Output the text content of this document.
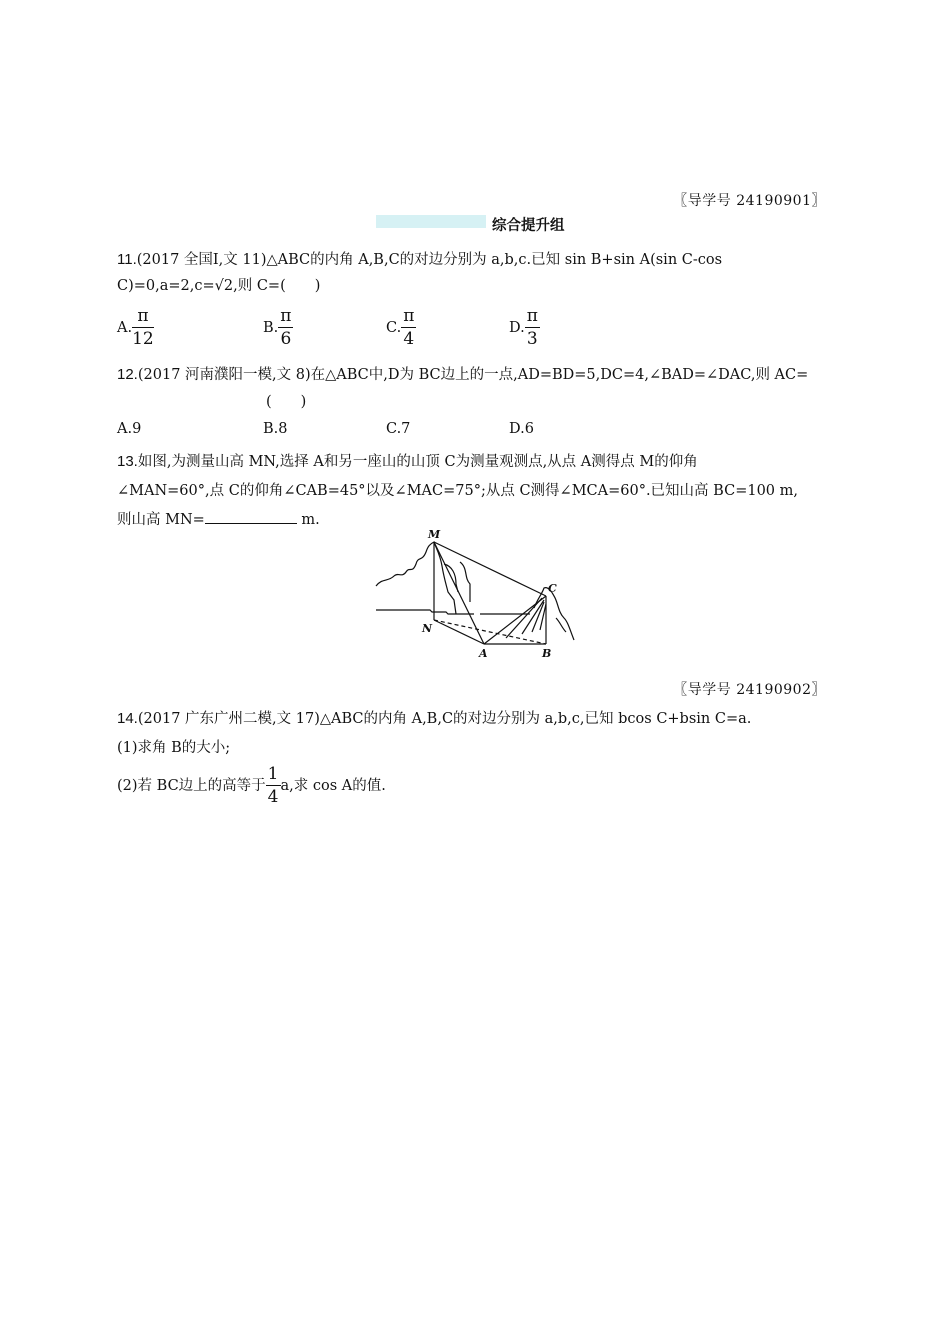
〖导学号 24190901〗
综合提升组
11.(2017 全国Ⅰ,文 11)△ABC的内角 A,B,C的对边分别为 a,b,c.已知 sin B+sin A(sin C-cos
C)=0,a=2,c=√2,则 C=(　　)
A. $\frac{\pi}{12}$	B. $\frac{\pi}{6}$	C. $\frac{\pi}{4}$	D. $\frac{\pi}{3}$
12.(2017 河南濮阳一模,文 8)在△ABC中,D为 BC边上的一点,AD=BD=5,DC=4,∠BAD=∠DAC,则 AC=
(　　)
A.9	B.8	C.7	D.6
13.如图,为测量山高 MN,选择 A和另一座山的山顶 C为测量观测点,从点 A测得点 M的仰角
∠MAN=60°,点 C的仰角∠CAB=45°以及∠MAC=75°;从点 C测得∠MCA=60°.已知山高 BC=100 m,
则山高 MN=	m.
M
C
N
A	B
〖导学号 24190902〗
14.(2017 广东广州二模,文 17)△ABC的内角 A,B,C的对边分别为 a,b,c,已知 bcos C+bsin C=a.
(1)求角 B的大小;
(2)若 BC边上的高等于 $\frac{1}{4} a$,求 cos A的值.
